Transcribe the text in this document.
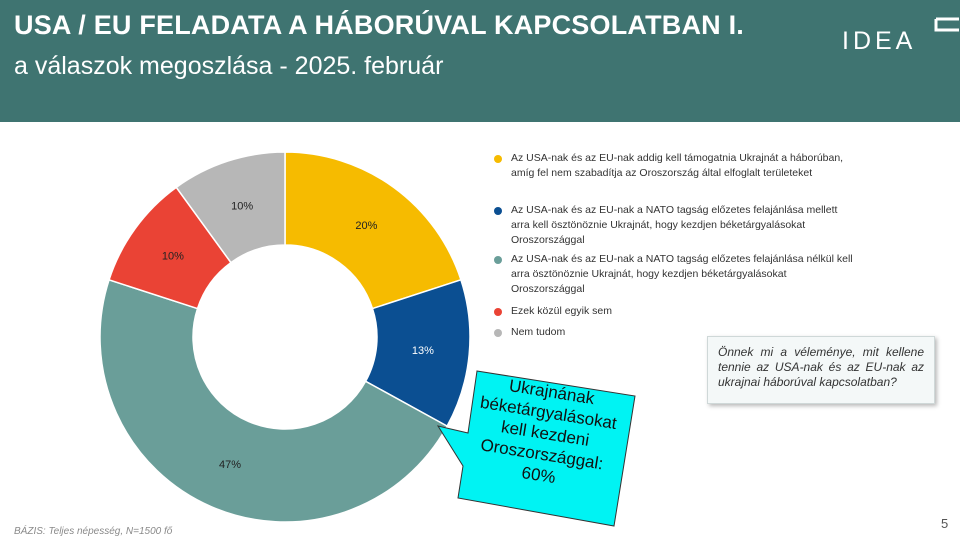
USA / EU FELADATA A HÁBORÚVAL KAPCSOLATBAN I.
a válaszok megoszlása - 2025. február
IDEA
20%
13%
47%
10%
10%
Az USA-nak és az EU-nak addig kell támogatnia Ukrajnát a háborúban, amíg fel nem szabadítja az Oroszország által elfoglalt területeket
Az USA-nak és az EU-nak a NATO tagság előzetes felajánlása mellett arra kell ösztönöznie Ukrajnát, hogy kezdjen béketárgyalásokat Oroszországgal
Az USA-nak és az EU-nak a NATO tagság előzetes felajánlása nélkül kell arra ösztönöznie Ukrajnát, hogy kezdjen béketárgyalásokat Oroszországgal
Ezek közül egyik sem
Nem tudom
Önnek mi a véleménye, mit kellene tennie az USA-nak és az EU-nak az ukrajnai háborúval kapcsolatban?
Ukrajnának béketárgyalásokat kell kezdeni Oroszországgal: 60%
BÁZIS: Teljes népesség, N=1500 fő
5
